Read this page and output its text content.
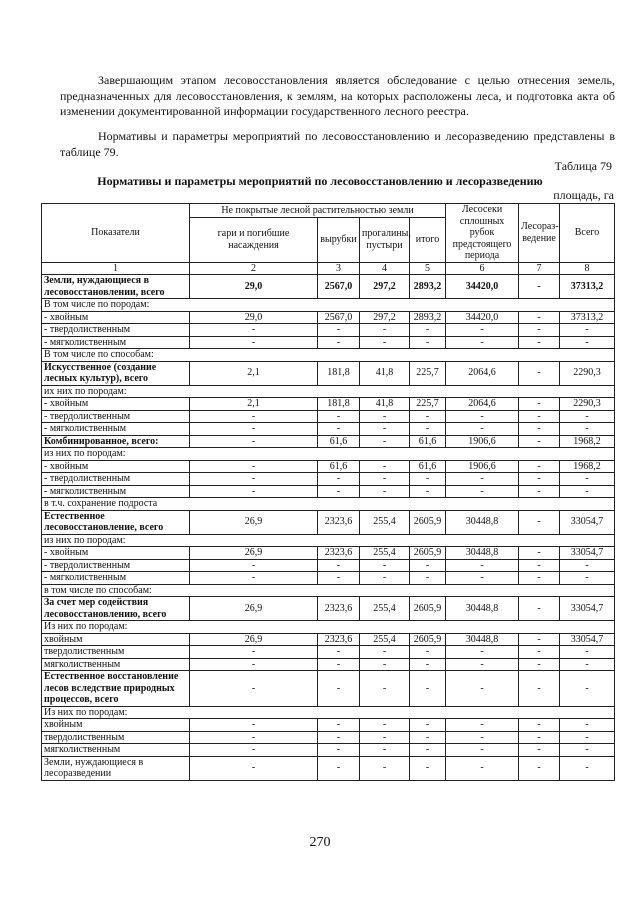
Завершающим этапом лесовосстановления является обследование с целью отнесения земель, предназначенных для лесовосстановления, к землям, на которых расположены леса, и подготовка акта об изменении документированной информации государственного лесного реестра.

Нормативы и параметры мероприятий по лесовосстановлению и лесоразведению представлены в таблице 79.

Таблица 79
Нормативы и параметры мероприятий по лесовосстановлению и лесоразведению
площадь, га
Показатели	Не покрытые лесной растительностью земли				Лесосеки сплошных рубок предстоящего периода	Лесораз-ведение	Всего
	гари и погибшие насаждения	вырубки	прогалины, пустыри	итого			
1	2	3	4	5	6	7	8
Земли, нуждающиеся в лесовосстановлении, всего	29,0	2567,0	297,2	2893,2	34420,0	-	37313,2
В том числе по породам:							
- хвойным	29,0	2567,0	297,2	2893,2	34420,0	-	37313,2
- твердолиственным	-	-	-	-	-	-	-
- мягколиственным	-	-	-	-	-	-	-
В том числе по способам:							
Искусственное (создание лесных культур), всего	2,1	181,8	41,8	225,7	2064,6	-	2290,3
их них по породам:							
- хвойным	2,1	181,8	41,8	225,7	2064,6	-	2290,3
- твердолиственным	-	-	-	-	-	-	-
- мягколиственным	-	-	-	-	-	-	-
Комбинированное, всего:	-	61,6	-	61,6	1906,6	-	1968,2
из них по породам:							
- хвойным	-	61,6	-	61,6	1906,6	-	1968,2
- твердолиственным	-	-	-	-	-	-	-
- мягколиственным	-	-	-	-	-	-	-
в т.ч. сохранение подроста							
Естественное лесовосстановление, всего	26,9	2323,6	255,4	2605,9	30448,8	-	33054,7
из них по породам:							
- хвойным	26,9	2323,6	255,4	2605,9	30448,8	-	33054,7
- твердолиственным	-	-	-	-	-	-	-
- мягколиственным	-	-	-	-	-	-	-
в том числе по способам:							
За счет мер содействия лесовосстановлению, всего	26,9	2323,6	255,4	2605,9	30448,8	-	33054,7
Из них по породам:							
хвойным	26,9	2323,6	255,4	2605,9	30448,8	-	33054,7
твердолиственным	-	-	-	-	-	-	-
мягколиственным	-	-	-	-	-	-	-
Естественное восстановление лесов вследствие природных процессов, всего	-	-	-	-	-	-	-
Из них по породам:							
хвойным	-	-	-	-	-	-	-
твердолиственным	-	-	-	-	-	-	-
мягколиственным	-	-	-	-	-	-	-
Земли, нуждающиеся в лесоразведении	-	-	-	-	-	-	-
270
